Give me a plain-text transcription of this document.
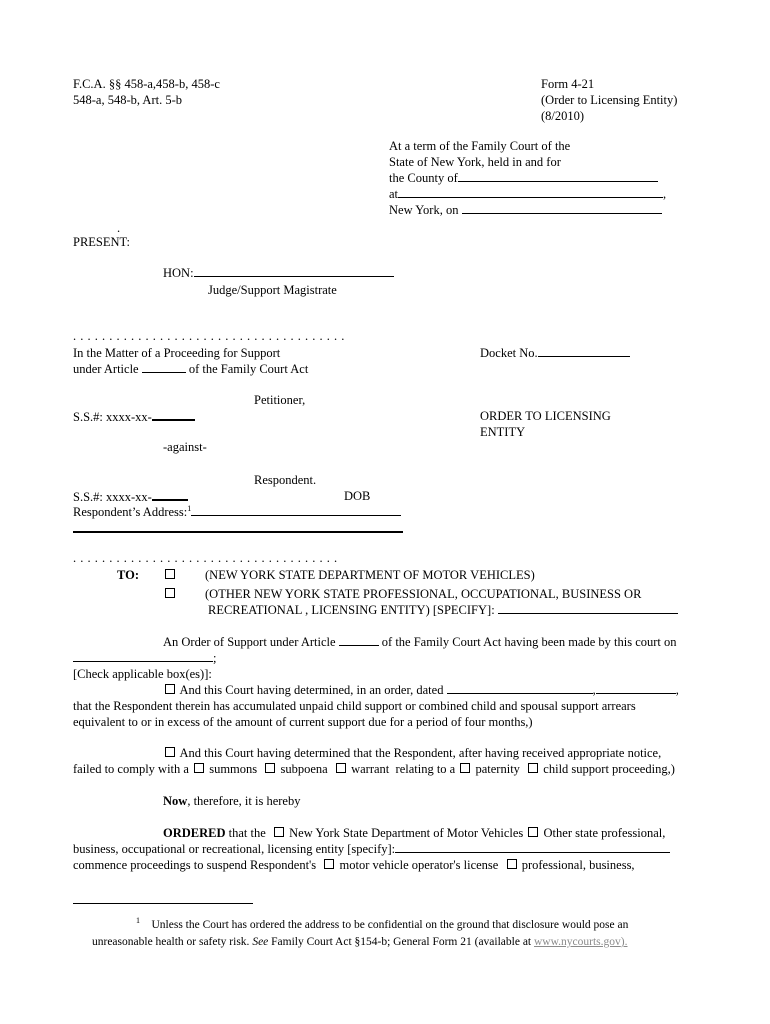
F.C.A. §§ 458-a,458-b, 458-c
548-a, 548-b, Art. 5-b
Form 4-21
(Order to Licensing Entity)
(8/2010)
At a term of the Family Court of the
State of New York, held in and for
the County of
at	,
New York, on
.
PRESENT:
HON:
Judge/Support Magistrate
. . . . . . . . . . . . . . . . . . . . . . . . . . . . . . . . . . . . . .
In the Matter of a Proceeding for Support
under Article	of the Family Court Act
Docket No.
Petitioner,
S.S.#: xxxx-xx-	ORDER TO LICENSING
ENTITY
-against-
Respondent.
S.S.#: xxxx-xx-	DOB
Respondent’s Address:$^1$
. . . . . . . . . . . . . . . . . . . . . . . . . . . . . . . . . . . . .
TO:	(NEW YORK STATE DEPARTMENT OF MOTOR VEHICLES)
(OTHER NEW YORK STATE PROFESSIONAL, OCCUPATIONAL, BUSINESS OR
RECREATIONAL , LICENSING ENTITY) [SPECIFY]:
An Order of Support under Article	of the Family Court Act having been made by this court on
;
[Check applicable box(es)]:
And this Court having determined, in an order, dated	,	,
that the Respondent therein has accumulated unpaid child support or combined child and spousal support arrears
equivalent to or in excess of the amount of current support due for a period of four months,)
And this Court having determined that the Respondent, after having received appropriate notice,
failed to comply with a summons subpoena warrant relating to a paternity child support proceeding,)
Now, therefore, it is hereby
ORDERED that the New York State Department of Motor Vehicles Other state professional,
business, occupational or recreational, licensing entity [specify]:
commence proceedings to suspend Respondent's motor vehicle operator's license professional, business,
$^1$ Unless the Court has ordered the address to be confidential on the ground that disclosure would pose an
unreasonable health or safety risk. See Family Court Act §154-b; General Form 21 (available at www.nycourts.gov).
